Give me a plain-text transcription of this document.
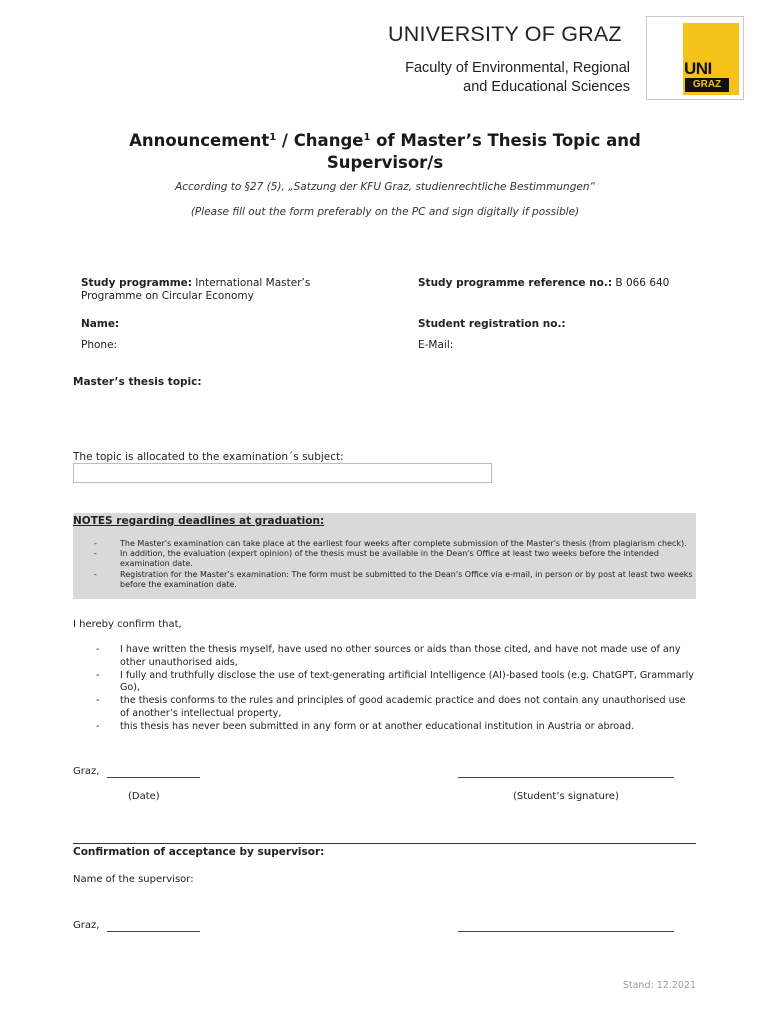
UNIVERSITY OF GRAZ
Faculty of Environmental, Regional
and Educational Sciences
UNI
GRAZ
Announcement$^1$ / Change$^1$ of Master’s Thesis Topic and
Supervisor/s
According to §27 (5), „Satzung der KFU Graz, studienrechtliche Bestimmungen“
(Please fill out the form preferably on the PC and sign digitally if possible)
Study programme: International Master’s
Programme on Circular Economy
Study programme reference no.: B 066 640
Name:	Student registration no.:
Phone:	E-Mail:
Master’s thesis topic:
The topic is allocated to the examination´s subject:
NOTES regarding deadlines at graduation:
-	The Master's examination can take place at the earliest four weeks after complete submission of the Master's thesis (from plagiarism check).
-	In addition, the evaluation (expert opinion) of the thesis must be available in the Dean's Office at least two weeks before the intended examination date.
-	Registration for the Master’s examination: The form must be submitted to the Dean's Office via e-mail, in person or by post at least two weeks before the examination date.
I hereby confirm that,
- I have written the thesis myself, have used no other sources or aids than those cited, and have not made use of any other unauthorised aids,
- I fully and truthfully disclose the use of text-generating artificial Intelligence (AI)-based tools (e.g. ChatGPT, Grammarly Go),
- the thesis conforms to the rules and principles of good academic practice and does not contain any unauthorised use of another’s intellectual property,
- this thesis has never been submitted in any form or at another educational institution in Austria or abroad.
Graz,
(Date)	(Student’s signature)
Confirmation of acceptance by supervisor:
Name of the supervisor:
Graz,
Stand: 12.2021
